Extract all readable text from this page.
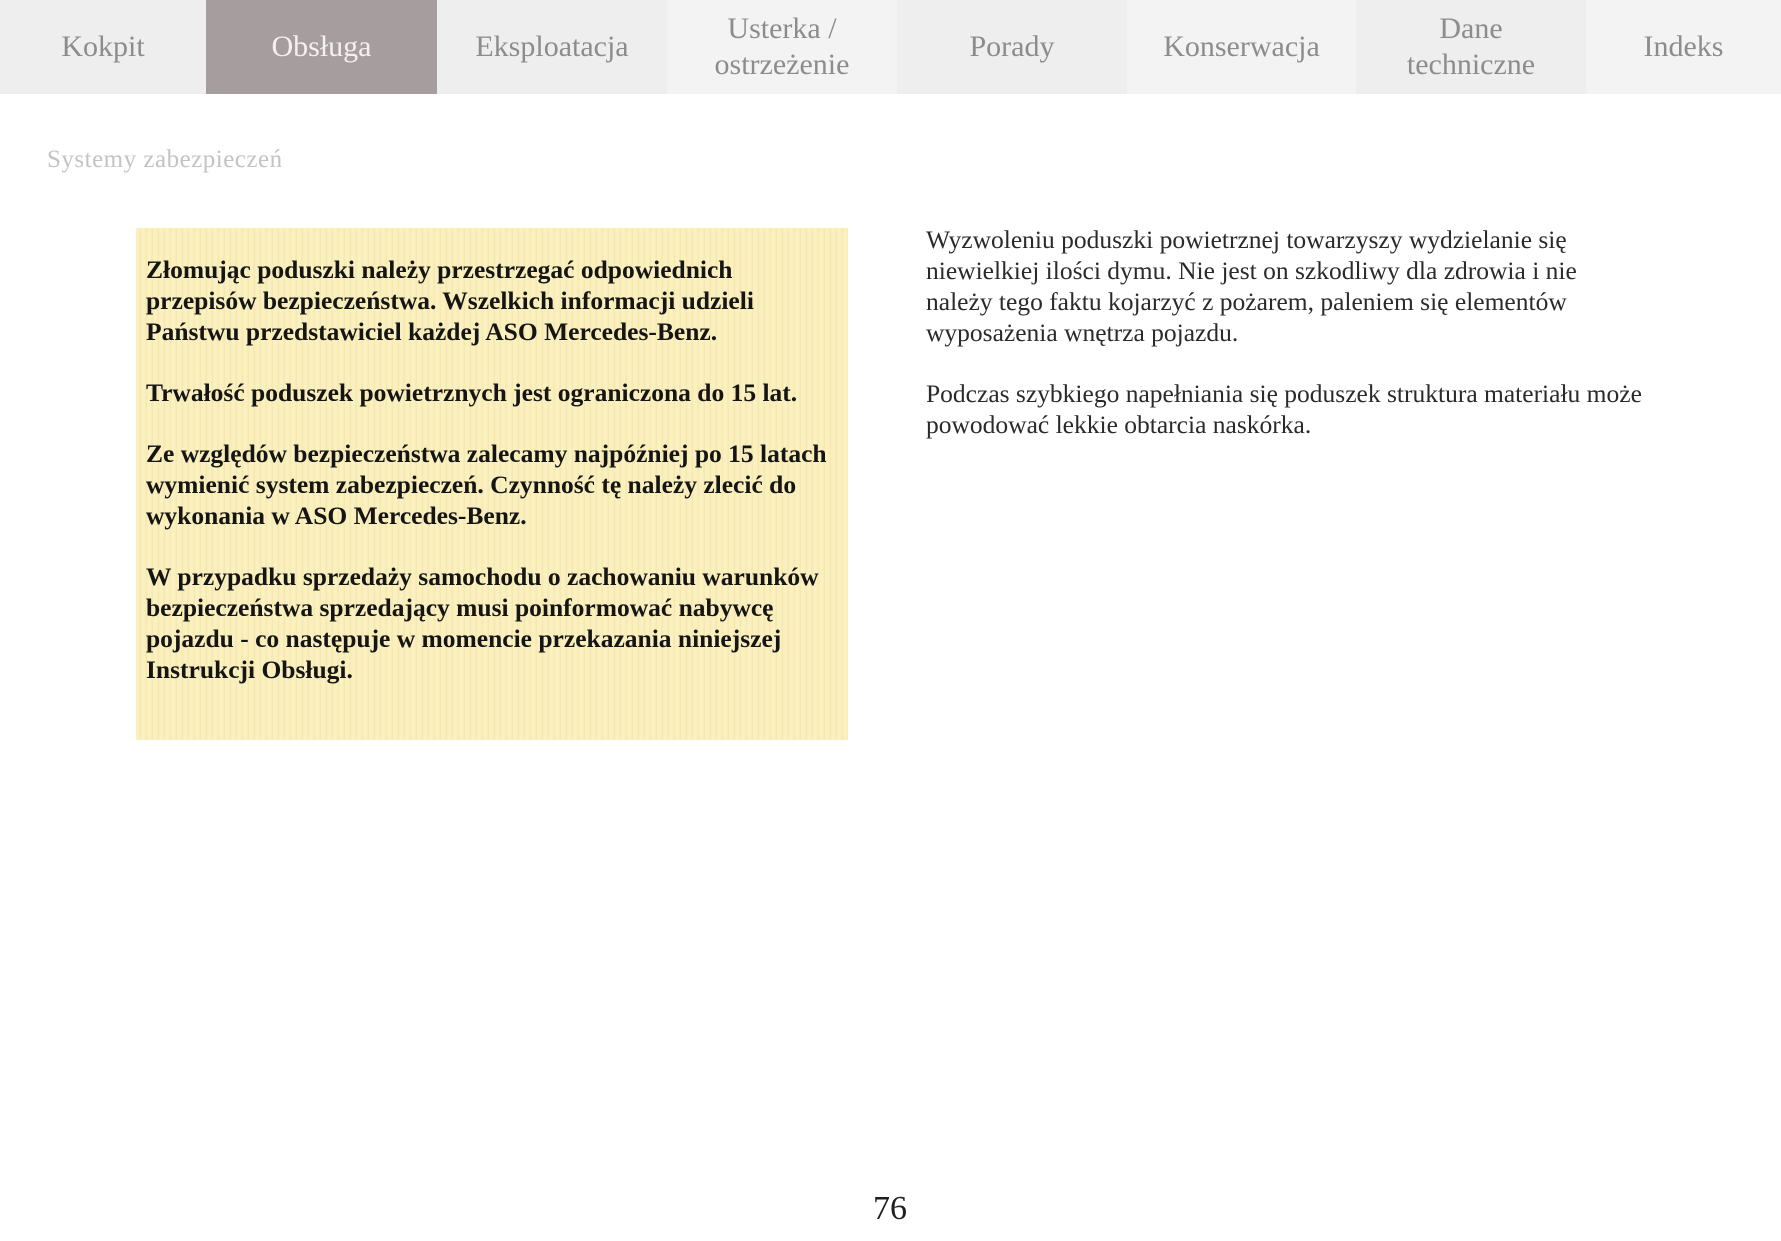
Kokpit	Obsługa	Eksploatacja
Usterka /
ostrzeżenie
Porady	Konserwacja
Dane
techniczne
Indeks
Systemy zabezpieczeń

Złomując poduszki należy przestrzegać odpowiednich przepisów bezpieczeństwa. Wszelkich informacji udzieli Państwu przedstawiciel każdej ASO Mercedes-Benz.

Trwałość poduszek powietrznych jest ograniczona do 15 lat.

Ze względów bezpieczeństwa zalecamy najpóźniej po 15 latach wymienić system zabezpieczeń. Czynność tę należy zlecić do wykonania w ASO Mercedes-Benz.

W przypadku sprzedaży samochodu o zachowaniu warunków bezpieczeństwa sprzedający musi poinformować nabywcę pojazdu - co następuje w momencie przekazania niniejszej Instrukcji Obsługi.

Wyzwoleniu poduszki powietrznej towarzyszy wydzielanie się niewielkiej ilości dymu. Nie jest on szkodliwy dla zdrowia i nie należy tego faktu kojarzyć z pożarem, paleniem się elementów wyposażenia wnętrza pojazdu.

Podczas szybkiego napełniania się poduszek struktura materiału może powodować lekkie obtarcia naskórka.

76
